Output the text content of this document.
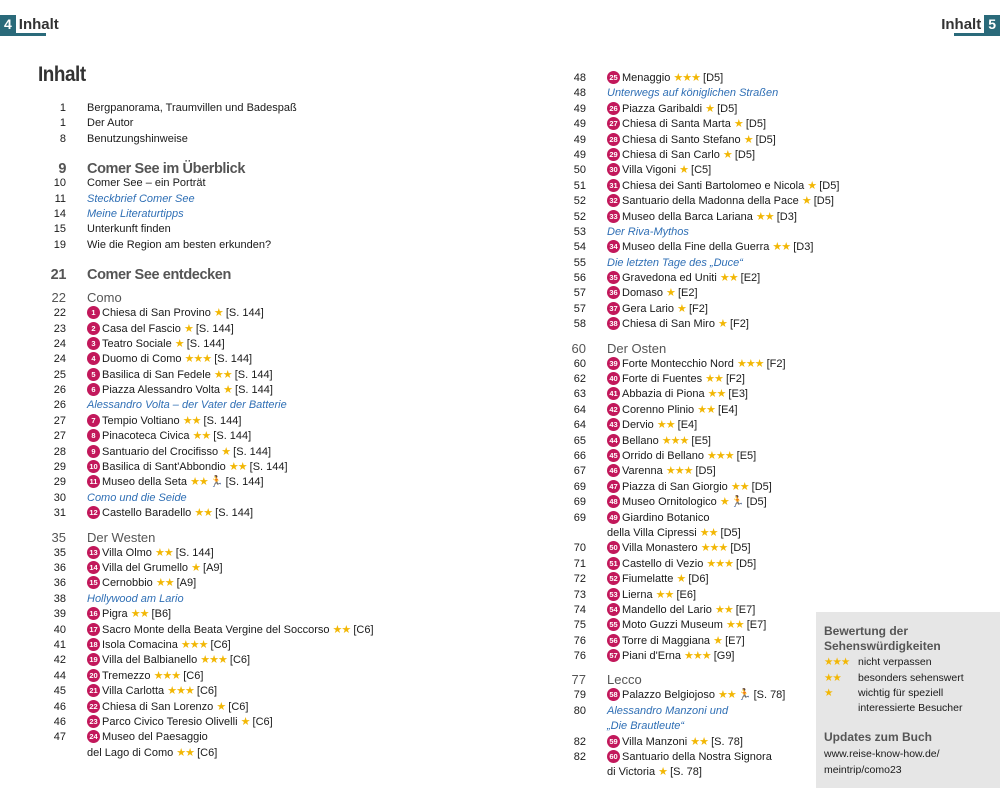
4 Inhalt	Inhalt 5
Inhalt
1 Bergpanorama, Traumvillen und Badespaß
1 Der Autor
8 Benutzungshinweise
9 Comer See im Überblick
10 Comer See – ein Porträt
11 Steckbrief Comer See
14 Meine Literaturtipps
15 Unterkunft finden
19 Wie die Region am besten erkunden?
21 Comer See entdecken
22 Como
22	1 Chiesa di San Provino ★ [S. 144]
23	2 Casa del Fascio ★ [S. 144]
24	3 Teatro Sociale ★ [S. 144]
24	4 Duomo di Como ★★★ [S. 144]
25	5 Basilica di San Fedele ★★ [S. 144]
26	6 Piazza Alessandro Volta ★ [S. 144]
26 Alessandro Volta – der Vater der Batterie
27	7 Tempio Voltiano ★★ [S. 144]
27	8 Pinacoteca Civica ★★ [S. 144]
28	9 Santuario del Crocifisso ★ [S. 144]
29	10 Basilica di Sant'Abbondio ★★ [S. 144]
29	11 Museo della Seta ★★ 🏃 [S. 144]
30 Como und die Seide
31	12 Castello Baradello ★★ [S. 144]
35 Der Westen
35	13 Villa Olmo ★★ [S. 144]
36	14 Villa del Grumello ★ [A9]
36	15 Cernobbio ★★ [A9]
38 Hollywood am Lario
39	16 Pigra ★★ [B6]
40	17 Sacro Monte della Beata Vergine del Soccorso ★★ [C6]
41	18 Isola Comacina ★★★ [C6]
42	19 Villa del Balbianello ★★★ [C6]
44	20 Tremezzo ★★★ [C6]
45	21 Villa Carlotta ★★★ [C6]
46	22 Chiesa di San Lorenzo ★ [C6]
46	23 Parco Civico Teresio Olivelli ★ [C6]
47	24 Museo del Paesaggio
del Lago di Como ★★ [C6]
48	25 Menaggio ★★★ [D5]
48 Unterwegs auf königlichen Straßen
49	26 Piazza Garibaldi ★ [D5]
49	27 Chiesa di Santa Marta ★ [D5]
49	28 Chiesa di Santo Stefano ★ [D5]
49	29 Chiesa di San Carlo ★ [D5]
50	30 Villa Vigoni ★ [C5]
51	31 Chiesa dei Santi Bartolomeo e Nicola ★ [D5]
52	32 Santuario della Madonna della Pace ★ [D5]
52	33 Museo della Barca Lariana ★★ [D3]
53 Der Riva-Mythos
54	34 Museo della Fine della Guerra ★★ [D3]
55 Die letzten Tage des „Duce“
56	35 Gravedona ed Uniti ★★ [E2]
57	36 Domaso ★ [E2]
57	37 Gera Lario ★ [F2]
58	38 Chiesa di San Miro ★ [F2]
60 Der Osten
60	39 Forte Montecchio Nord ★★★ [F2]
62	40 Forte di Fuentes ★★ [F2]
63	41 Abbazia di Piona ★★ [E3]
64	42 Corenno Plinio ★★ [E4]
64	43 Dervio ★★ [E4]
65	44 Bellano ★★★ [E5]
66	45 Orrido di Bellano ★★★ [E5]
67	46 Varenna ★★★ [D5]
69	47 Piazza di San Giorgio ★★ [D5]
69	48 Museo Ornitologico ★ 🏃 [D5]
69	49 Giardino Botanico
della Villa Cipressi ★★ [D5]
70	50 Villa Monastero ★★★ [D5]
71	51 Castello di Vezio ★★★ [D5]
72	52 Fiumelatte ★ [D6]
73	53 Lierna ★★ [E6]
74	54 Mandello del Lario ★★ [E7]
75	55 Moto Guzzi Museum ★★ [E7]
76	56 Torre di Maggiana ★ [E7]
76	57 Piani d'Erna ★★★ [G9]
77 Lecco
79	58 Palazzo Belgiojoso ★★ 🏃 [S. 78]
80 Alessandro Manzoni und
„Die Brautleute“
82	59 Villa Manzoni ★★ [S. 78]
82	60 Santuario della Nostra Signora
di Victoria ★ [S. 78]
Bewertung der
Sehenswürdigkeiten
★★★ nicht verpassen
★★ besonders sehenswert
★ wichtig für speziell
interessierte Besucher
Updates zum Buch
www.reise-know-how.de/
meintrip/como23
